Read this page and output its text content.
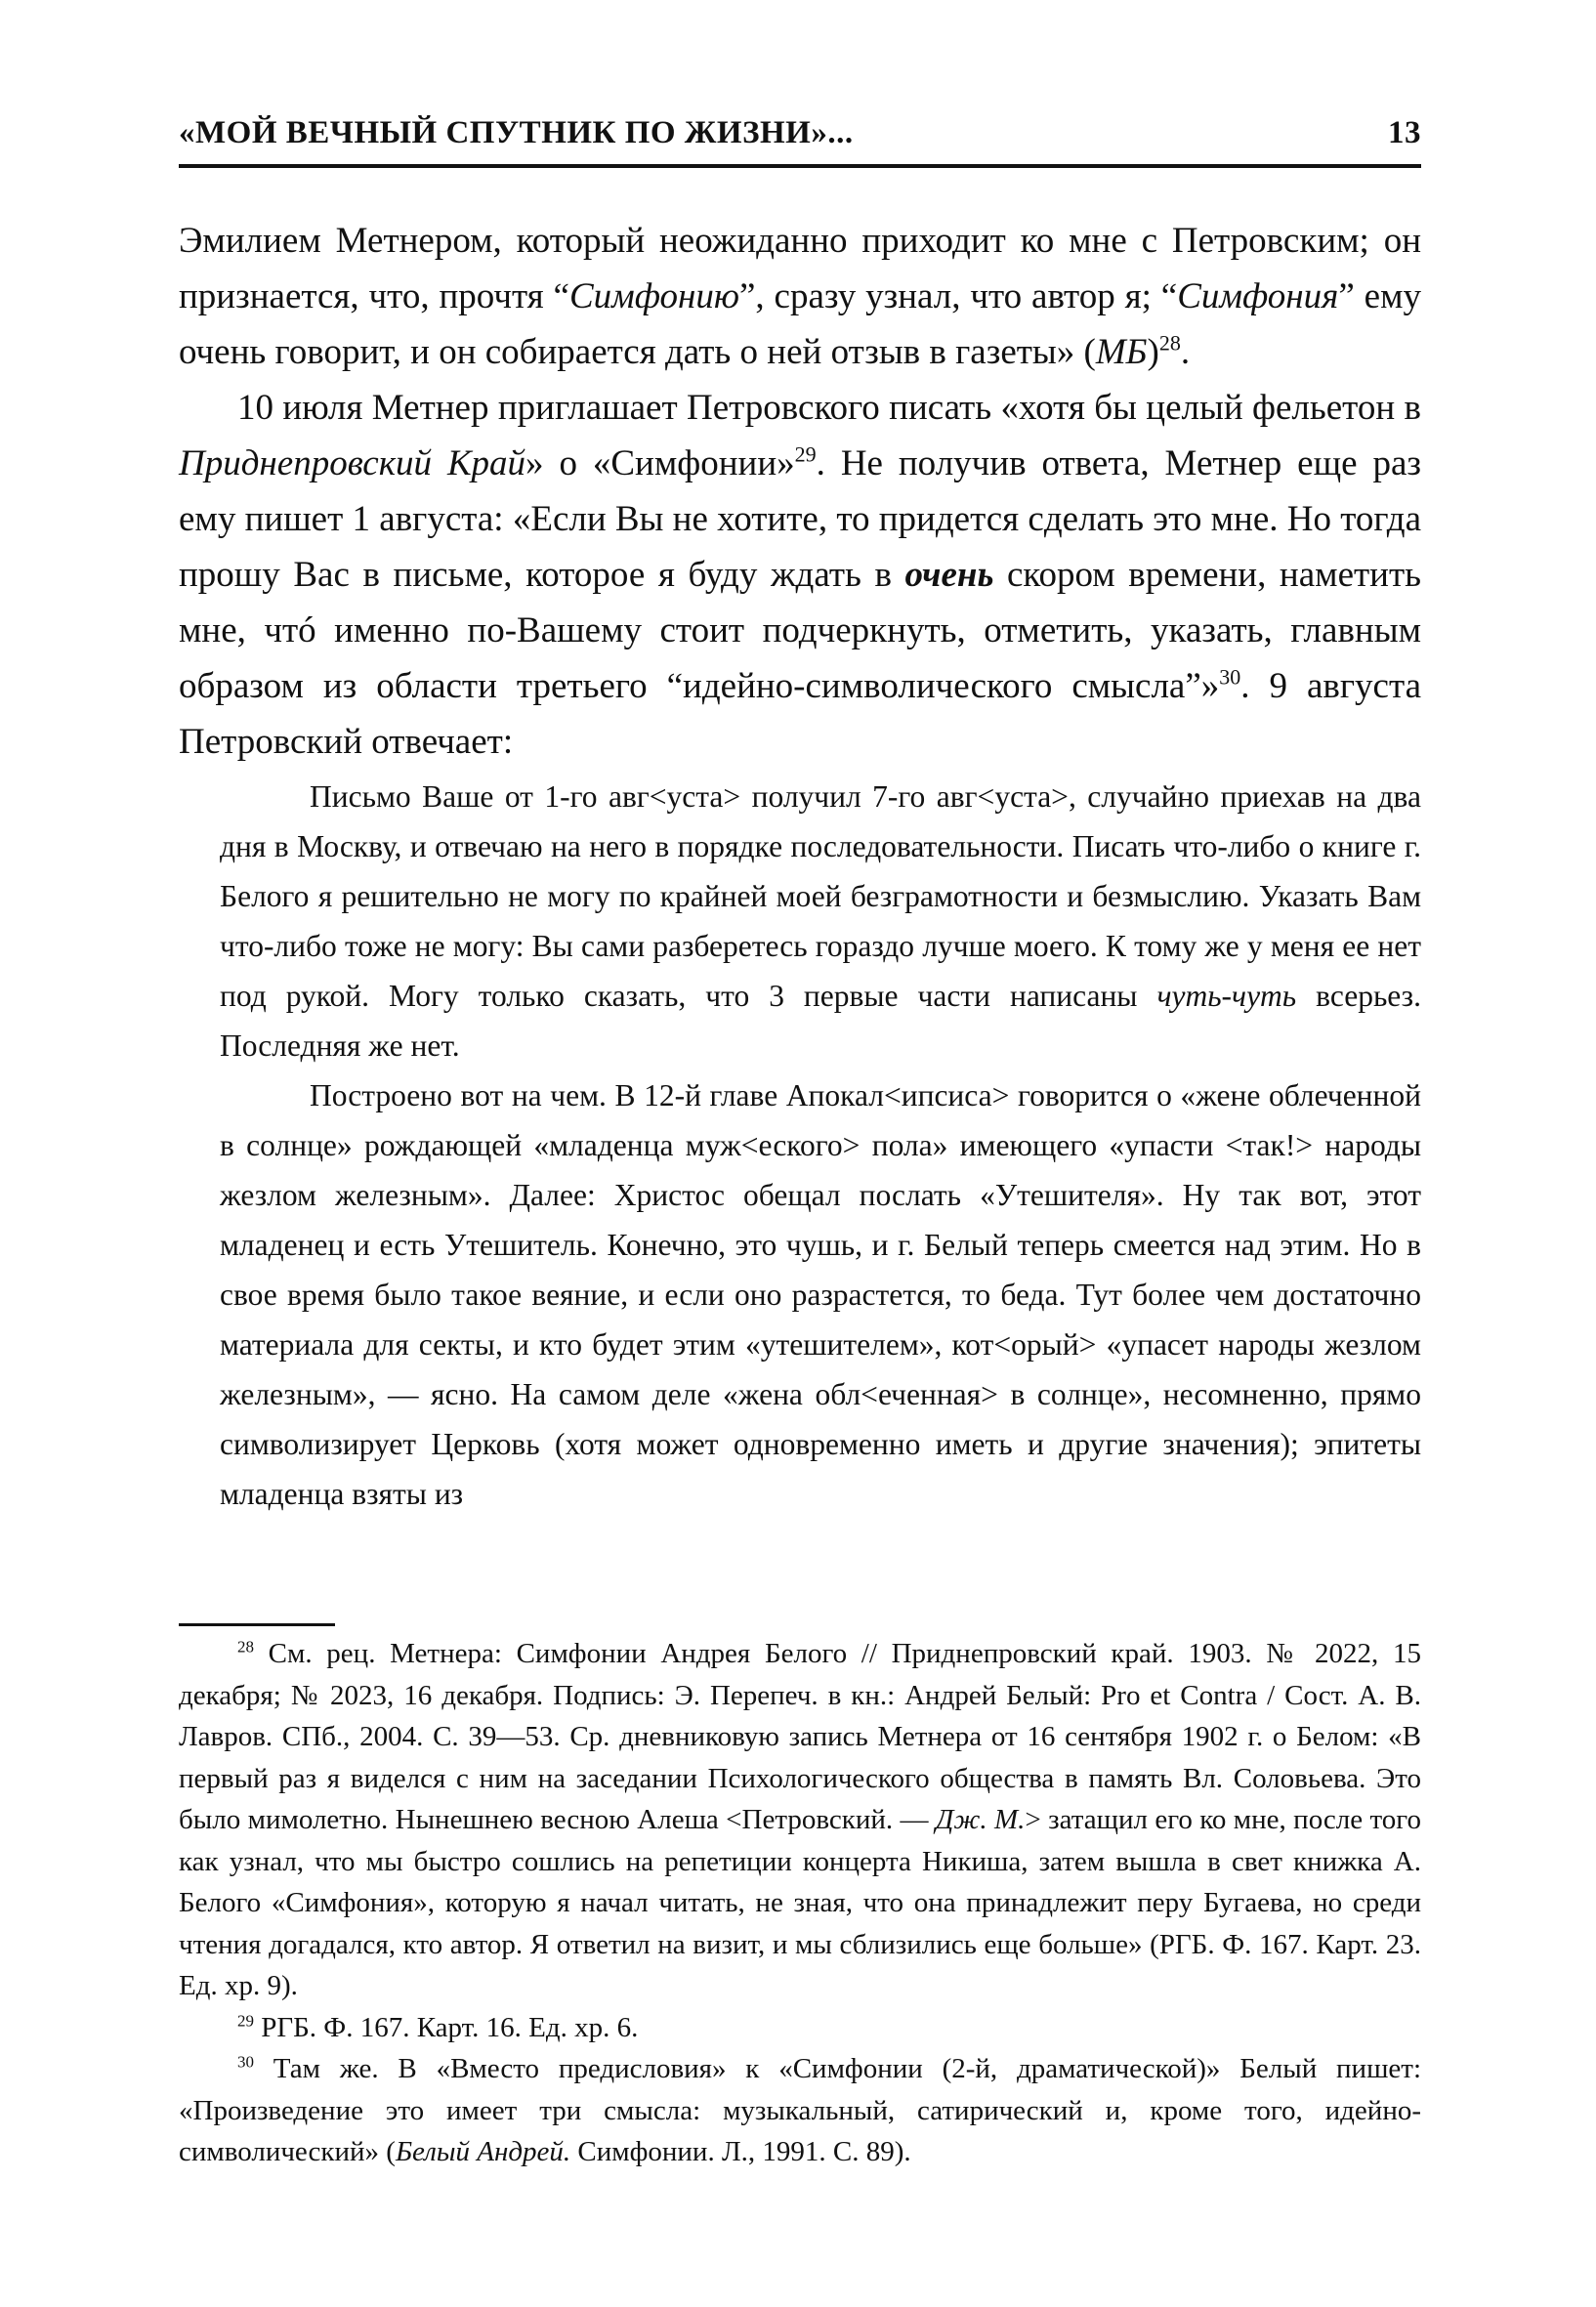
«МОЙ ВЕЧНЫЙ СПУТНИК ПО ЖИЗНИ»...	13

Эмилием Метнером, который неожиданно приходит ко мне с Петровским; он признается, что, прочтя “Симфонию”, сразу узнал, что автор я; “Симфония” ему очень говорит, и он собирается дать о ней отзыв в газеты» (МБ)$^{28}$.

10 июля Метнер приглашает Петровского писать «хотя бы целый фельетон в Приднепровский Край» о «Симфонии»$^{29}$. Не получив ответа, Метнер еще раз ему пишет 1 августа: «Если Вы не хотите, то придется сделать это мне. Но тогда прошу Вас в письме, которое я буду ждать в очень скором времени, наметить мне, чтó именно по-Вашему стоит подчеркнуть, отметить, указать, главным образом из области третьего “идейно-символического смысла”»$^{30}$. 9 августа Петровский отвечает:

Письмо Ваше от 1-го авг<уста> получил 7-го авг<уста>, случайно приехав на два дня в Москву, и отвечаю на него в порядке последовательности. Писать что-либо о книге г. Белого я решительно не могу по крайней моей безграмотности и безмыслию. Указать Вам что-либо тоже не могу: Вы сами разберетесь гораздо лучше моего. К тому же у меня ее нет под рукой. Могу только сказать, что 3 первые части написаны чуть-чуть всерьез. Последняя же нет.

Построено вот на чем. В 12-й главе Апокал<ипсиса> говорится о «жене облеченной в солнце» рождающей «младенца муж<еского> пола» имеющего «упасти <так!> народы жезлом железным». Далее: Христос обещал послать «Утешителя». Ну так вот, этот младенец и есть Утешитель. Конечно, это чушь, и г. Белый теперь смеется над этим. Но в свое время было такое веяние, и если оно разрастется, то беда. Тут более чем достаточно материала для секты, и кто будет этим «утешителем», кот<орый> «упасет народы жезлом железным», — ясно. На самом деле «жена обл<еченная> в солнце», несомненно, прямо символизирует Церковь (хотя может одновременно иметь и другие значения); эпитеты младенца взяты из

$^{28}$ См. рец. Метнера: Симфонии Андрея Белого // Приднепровский край. 1903. № 2022, 15 декабря; № 2023, 16 декабря. Подпись: Э. Перепеч. в кн.: Андрей Белый: Pro et Contra / Сост. А. В. Лавров. СПб., 2004. С. 39—53. Ср. дневниковую запись Метнера от 16 сентября 1902 г. о Белом: «В первый раз я виделся с ним на заседании Психологического общества в память Вл. Соловьева. Это было мимолетно. Нынешнею весною Алеша <Петровский. — Дж. М.> затащил его ко мне, после того как узнал, что мы быстро сошлись на репетиции концерта Никиша, затем вышла в свет книжка А. Белого «Симфония», которую я начал читать, не зная, что она принадлежит перу Бугаева, но среди чтения догадался, кто автор. Я ответил на визит, и мы сблизились еще больше» (РГБ. Ф. 167. Карт. 23. Ед. хр. 9).

$^{29}$ РГБ. Ф. 167. Карт. 16. Ед. хр. 6.

$^{30}$ Там же. В «Вместо предисловия» к «Симфонии (2-й, драматической)» Белый пишет: «Произведение это имеет три смысла: музыкальный, сатирический и, кроме того, идейно-символический» (Белый Андрей. Симфонии. Л., 1991. С. 89).
